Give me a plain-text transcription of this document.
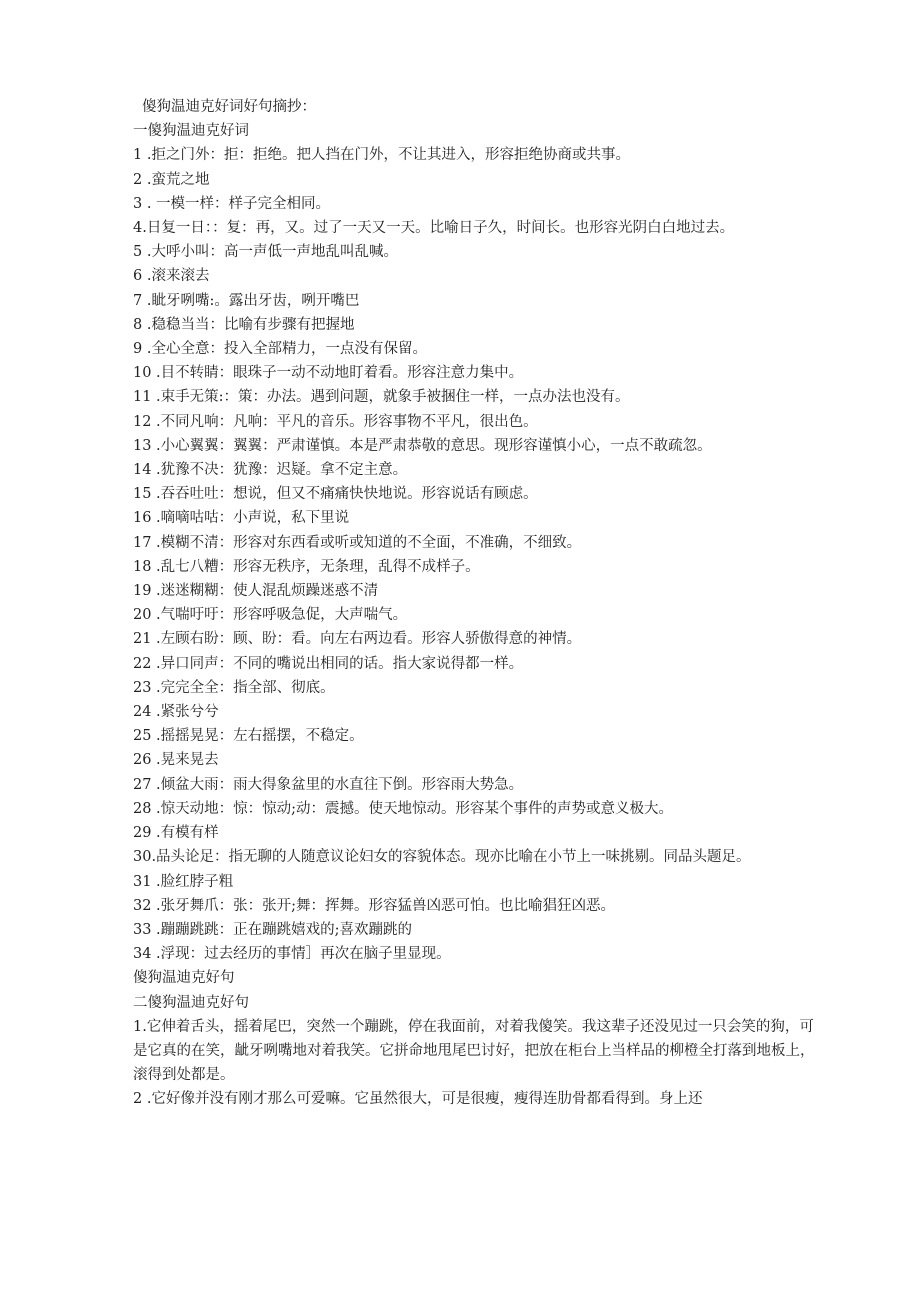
傻狗温迪克好词好句摘抄：
一傻狗温迪克好词
1 .拒之门外：拒：拒绝。把人挡在门外，不让其进入，形容拒绝协商或共事。
2 .蛮荒之地
3 . 一模一样：样子完全相同。
4.日复一日：：复：再，又。过了一天又一天。比喻日子久，时间长。也形容光阴白白地过去。
5 .大呼小叫：高一声低一声地乱叫乱喊。
6 .滚来滚去
7 .眦牙咧嘴:。露出牙齿，咧开嘴巴
8 .稳稳当当：比喻有步骤有把握地
9 .全心全意：投入全部精力，一点没有保留。
10 .目不转睛：眼珠子一动不动地盯着看。形容注意力集中。
11 .束手无策:：策：办法。遇到问题，就象手被捆住一样，一点办法也没有。
12 .不同凡响：凡响：平凡的音乐。形容事物不平凡，很出色。
13 .小心翼翼：翼翼：严肃谨慎。本是严肃恭敬的意思。现形容谨慎小心，一点不敢疏忽。
14 .犹豫不决：犹豫：迟疑。拿不定主意。
15 .吞吞吐吐：想说，但又不痛痛快快地说。形容说话有顾虑。
16 .嘀嘀咕咕：小声说，私下里说
17 .模糊不清：形容对东西看或听或知道的不全面，不准确，不细致。
18 .乱七八糟：形容无秩序，无条理，乱得不成样子。
19 .迷迷糊糊：使人混乱烦躁迷惑不清
20 .气喘吁吁：形容呼吸急促，大声喘气。
21 .左顾右盼：顾、盼：看。向左右两边看。形容人骄傲得意的神情。
22 .异口同声：不同的嘴说出相同的话。指大家说得都一样。
23 .完完全全：指全部、彻底。
24 .紧张兮兮
25 .摇摇晃晃：左右摇摆，不稳定。
26 .晃来晃去
27 .倾盆大雨：雨大得象盆里的水直往下倒。形容雨大势急。
28 .惊天动地：惊：惊动;动：震撼。使天地惊动。形容某个事件的声势或意义极大。
29 .有模有样
30.品头论足：指无聊的人随意议论妇女的容貌体态。现亦比喻在小节上一味挑剔。同品头题足。
31 .脸红脖子粗
32 .张牙舞爪：张：张开;舞：挥舞。形容猛兽凶恶可怕。也比喻猖狂凶恶。
33 .蹦蹦跳跳：正在蹦跳嬉戏的;喜欢蹦跳的
34 .浮现：过去经历的事情］再次在脑子里显现。
傻狗温迪克好句
二傻狗温迪克好句
1.它伸着舌头，摇着尾巴，突然一个蹦跳，停在我面前，对着我傻笑。我这辈子还没见过一只会笑的狗，可是它真的在笑，龇牙咧嘴地对着我笑。它拼命地甩尾巴讨好，把放在柜台上当样品的柳橙全打落到地板上，滚得到处都是。
2 .它好像并没有刚才那么可爱嘛。它虽然很大，可是很瘦，瘦得连肋骨都看得到。身上还
